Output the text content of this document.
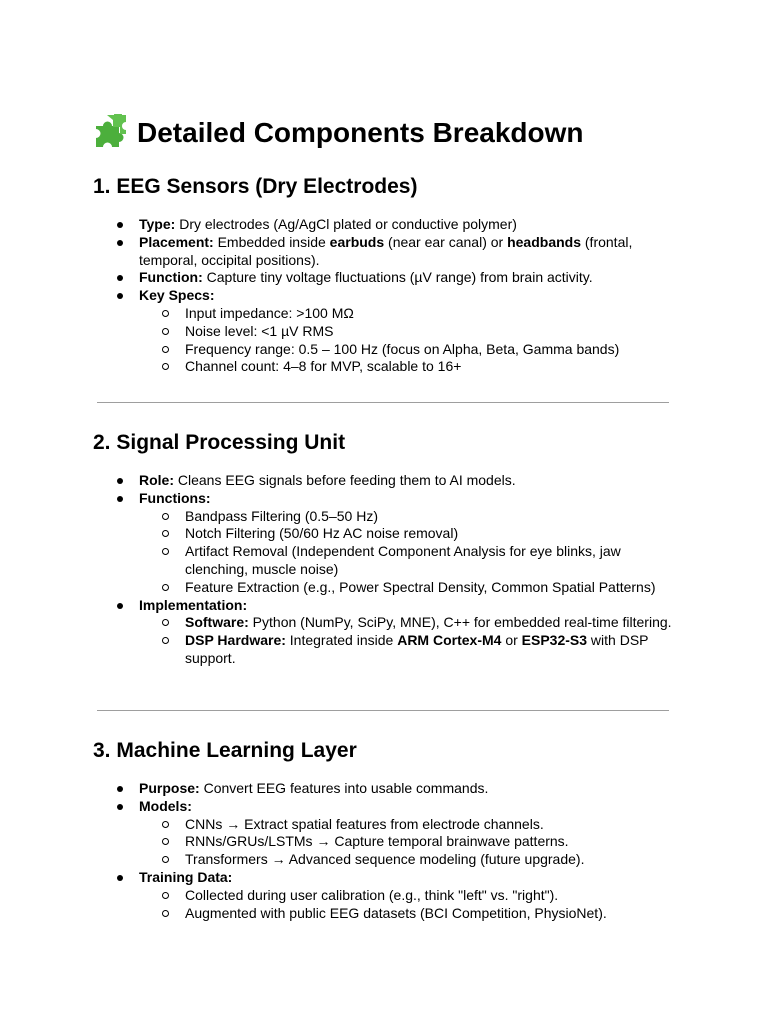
Detailed Components Breakdown
1. EEG Sensors (Dry Electrodes)
Type: Dry electrodes (Ag/AgCl plated or conductive polymer)
Placement: Embedded inside earbuds (near ear canal) or headbands (frontal, temporal, occipital positions).
Function: Capture tiny voltage fluctuations (µV range) from brain activity.
Key Specs:
Input impedance: >100 MΩ
Noise level: <1 µV RMS
Frequency range: 0.5 – 100 Hz (focus on Alpha, Beta, Gamma bands)
Channel count: 4–8 for MVP, scalable to 16+
2. Signal Processing Unit
Role: Cleans EEG signals before feeding them to AI models.
Functions:
Bandpass Filtering (0.5–50 Hz)
Notch Filtering (50/60 Hz AC noise removal)
Artifact Removal (Independent Component Analysis for eye blinks, jaw clenching, muscle noise)
Feature Extraction (e.g., Power Spectral Density, Common Spatial Patterns)
Implementation:
Software: Python (NumPy, SciPy, MNE), C++ for embedded real-time filtering.
DSP Hardware: Integrated inside ARM Cortex-M4 or ESP32-S3 with DSP support.
3. Machine Learning Layer
Purpose: Convert EEG features into usable commands.
Models:
CNNs → Extract spatial features from electrode channels.
RNNs/GRUs/LSTMs → Capture temporal brainwave patterns.
Transformers → Advanced sequence modeling (future upgrade).
Training Data:
Collected during user calibration (e.g., think "left" vs. "right").
Augmented with public EEG datasets (BCI Competition, PhysioNet).
